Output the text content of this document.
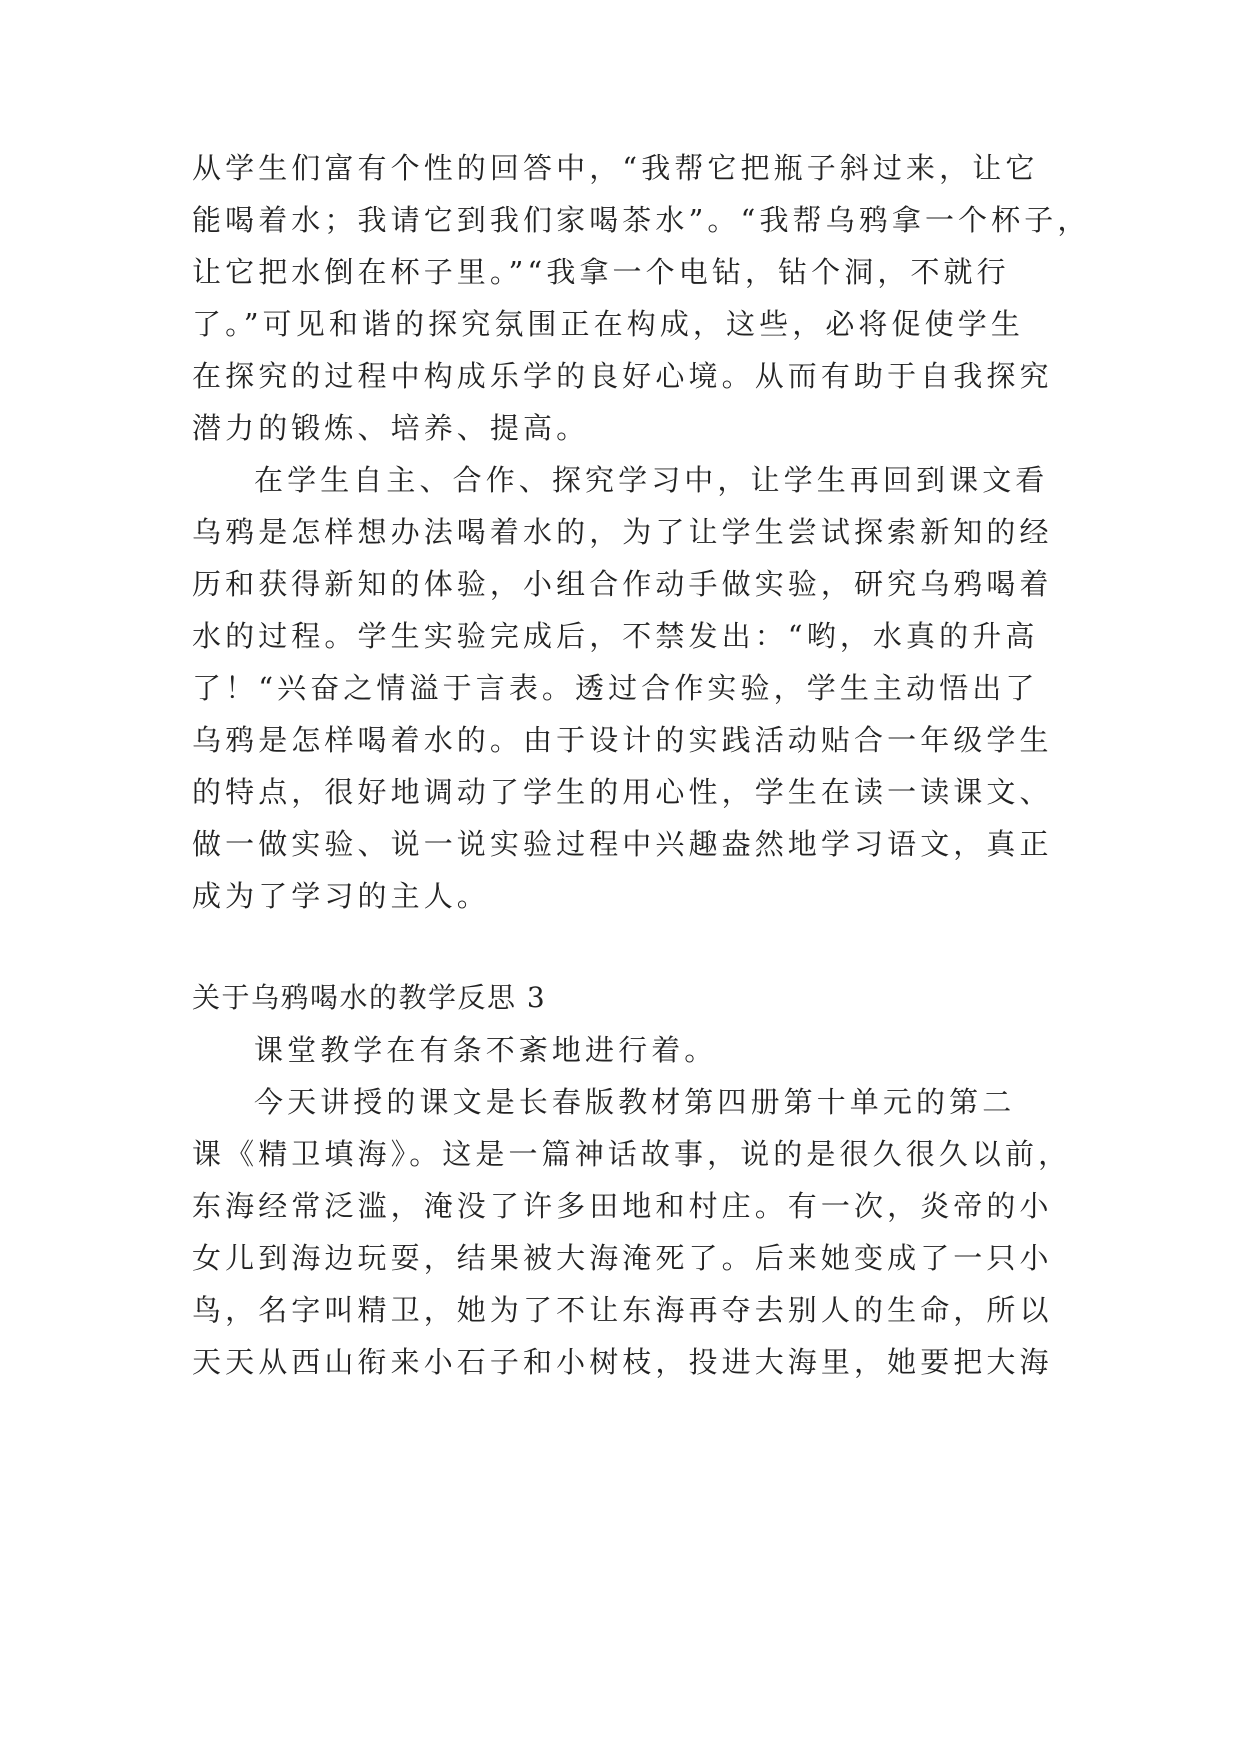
从学生们富有个性的回答中，“我帮它把瓶子斜过来，让它
能喝着水；我请它到我们家喝茶水”。“我帮乌鸦拿一个杯子，
让它把水倒在杯子里。”“我拿一个电钻，钻个洞，不就行
了。”可见和谐的探究氛围正在构成，这些，必将促使学生
在探究的过程中构成乐学的良好心境。从而有助于自我探究
潜力的锻炼、培养、提高。
在学生自主、合作、探究学习中，让学生再回到课文看
乌鸦是怎样想办法喝着水的，为了让学生尝试探索新知的经
历和获得新知的体验，小组合作动手做实验，研究乌鸦喝着
水的过程。学生实验完成后，不禁发出：“哟，水真的升高
了！“兴奋之情溢于言表。透过合作实验，学生主动悟出了
乌鸦是怎样喝着水的。由于设计的实践活动贴合一年级学生
的特点，很好地调动了学生的用心性，学生在读一读课文、
做一做实验、说一说实验过程中兴趣盎然地学习语文，真正
成为了学习的主人。
关于乌鸦喝水的教学反思 3
课堂教学在有条不紊地进行着。
今天讲授的课文是长春版教材第四册第十单元的第二
课《精卫填海》。这是一篇神话故事，说的是很久很久以前，
东海经常泛滥，淹没了许多田地和村庄。有一次，炎帝的小
女儿到海边玩耍，结果被大海淹死了。后来她变成了一只小
鸟，名字叫精卫，她为了不让东海再夺去别人的生命，所以
天天从西山衔来小石子和小树枝，投进大海里，她要把大海
